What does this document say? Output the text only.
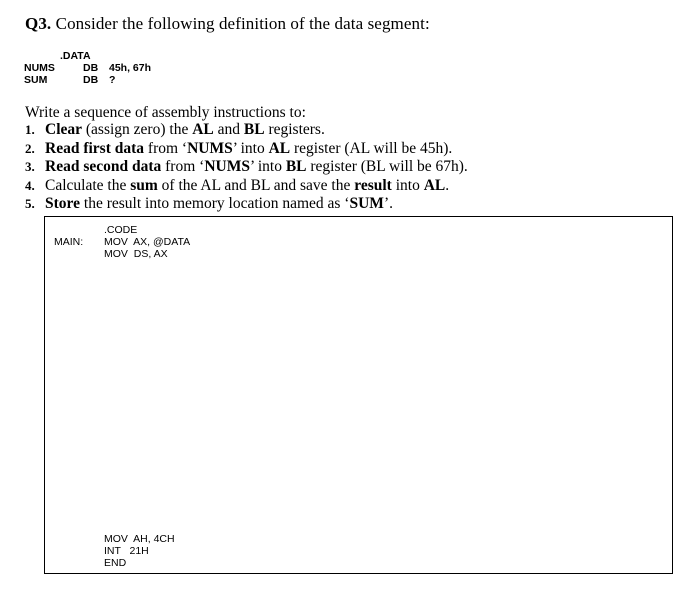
Q3. Consider the following definition of the data segment:
.DATA
NUMS	DB 45h, 67h
SUM	DB ?
Write a sequence of assembly instructions to:
1. Clear (assign zero) the AL and BL registers.
2. Read first data from ‘NUMS’ into AL register (AL will be 45h).
3. Read second data from ‘NUMS’ into BL register (BL will be 67h).
4. Calculate the sum of the AL and BL and save the result into AL.
5. Store the result into memory location named as ‘SUM’.
.CODE
MAIN: MOV  AX, @DATA
MOV  DS, AX
MOV  AH, 4CH
INT   21H
END
